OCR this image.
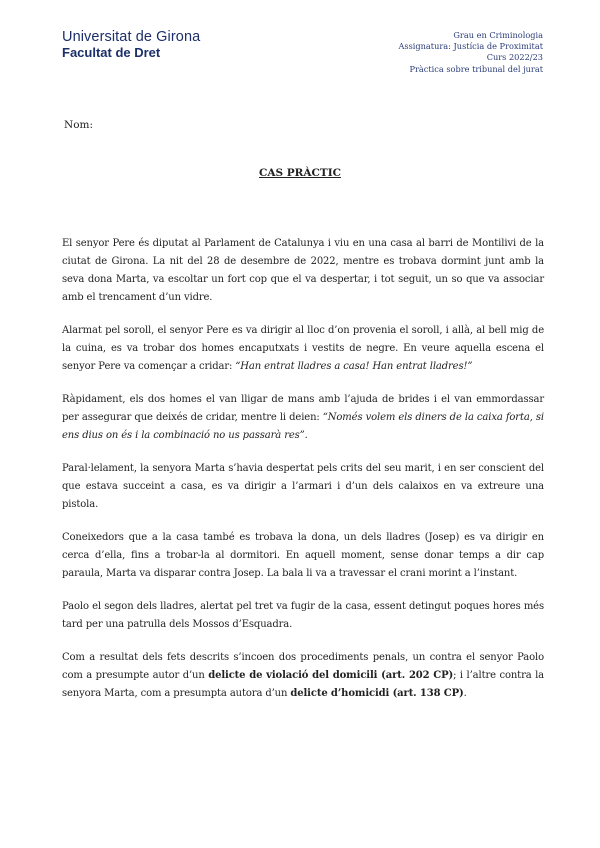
Universitat de Girona
Facultat de Dret
Grau en Criminologia
Assignatura: Justícia de Proximitat
Curs 2022/23
Pràctica sobre tribunal del jurat
Nom:
CAS PRÀCTIC

El senyor Pere és diputat al Parlament de Catalunya i viu en una casa al barri de Montilivi de la ciutat de Girona. La nit del 28 de desembre de 2022, mentre es trobava dormint junt amb la seva dona Marta, va escoltar un fort cop que el va despertar, i tot seguit, un so que va associar amb el trencament d’un vidre.

Alarmat pel soroll, el senyor Pere es va dirigir al lloc d’on provenia el soroll, i allà, al bell mig de la cuina, es va trobar dos homes encaputxats i vestits de negre. En veure aquella escena el senyor Pere va començar a cridar: “Han entrat lladres a casa! Han entrat lladres!”

Ràpidament, els dos homes el van lligar de mans amb l’ajuda de brides i el van emmordassar per assegurar que deixés de cridar, mentre li deien: “Només volem els diners de la caixa forta, si ens dius on és i la combinació no us passarà res”.

Paral·lelament, la senyora Marta s’havia despertat pels crits del seu marit, i en ser conscient del que estava succeint a casa, es va dirigir a l’armari i d’un dels calaixos en va extreure una pistola.

Coneixedors que a la casa també es trobava la dona, un dels lladres (Josep) es va dirigir en cerca d’ella, fins a trobar-la al dormitori. En aquell moment, sense donar temps a dir cap paraula, Marta va disparar contra Josep. La bala li va a travessar el crani morint a l’instant.

Paolo el segon dels lladres, alertat pel tret va fugir de la casa, essent detingut poques hores més tard per una patrulla dels Mossos d’Esquadra.

Com a resultat dels fets descrits s’incoen dos procediments penals, un contra el senyor Paolo com a presumpte autor d’un delicte de violació del domicili (art. 202 CP); i l’altre contra la senyora Marta, com a presumpta autora d’un delicte d’homicidi (art. 138 CP).
